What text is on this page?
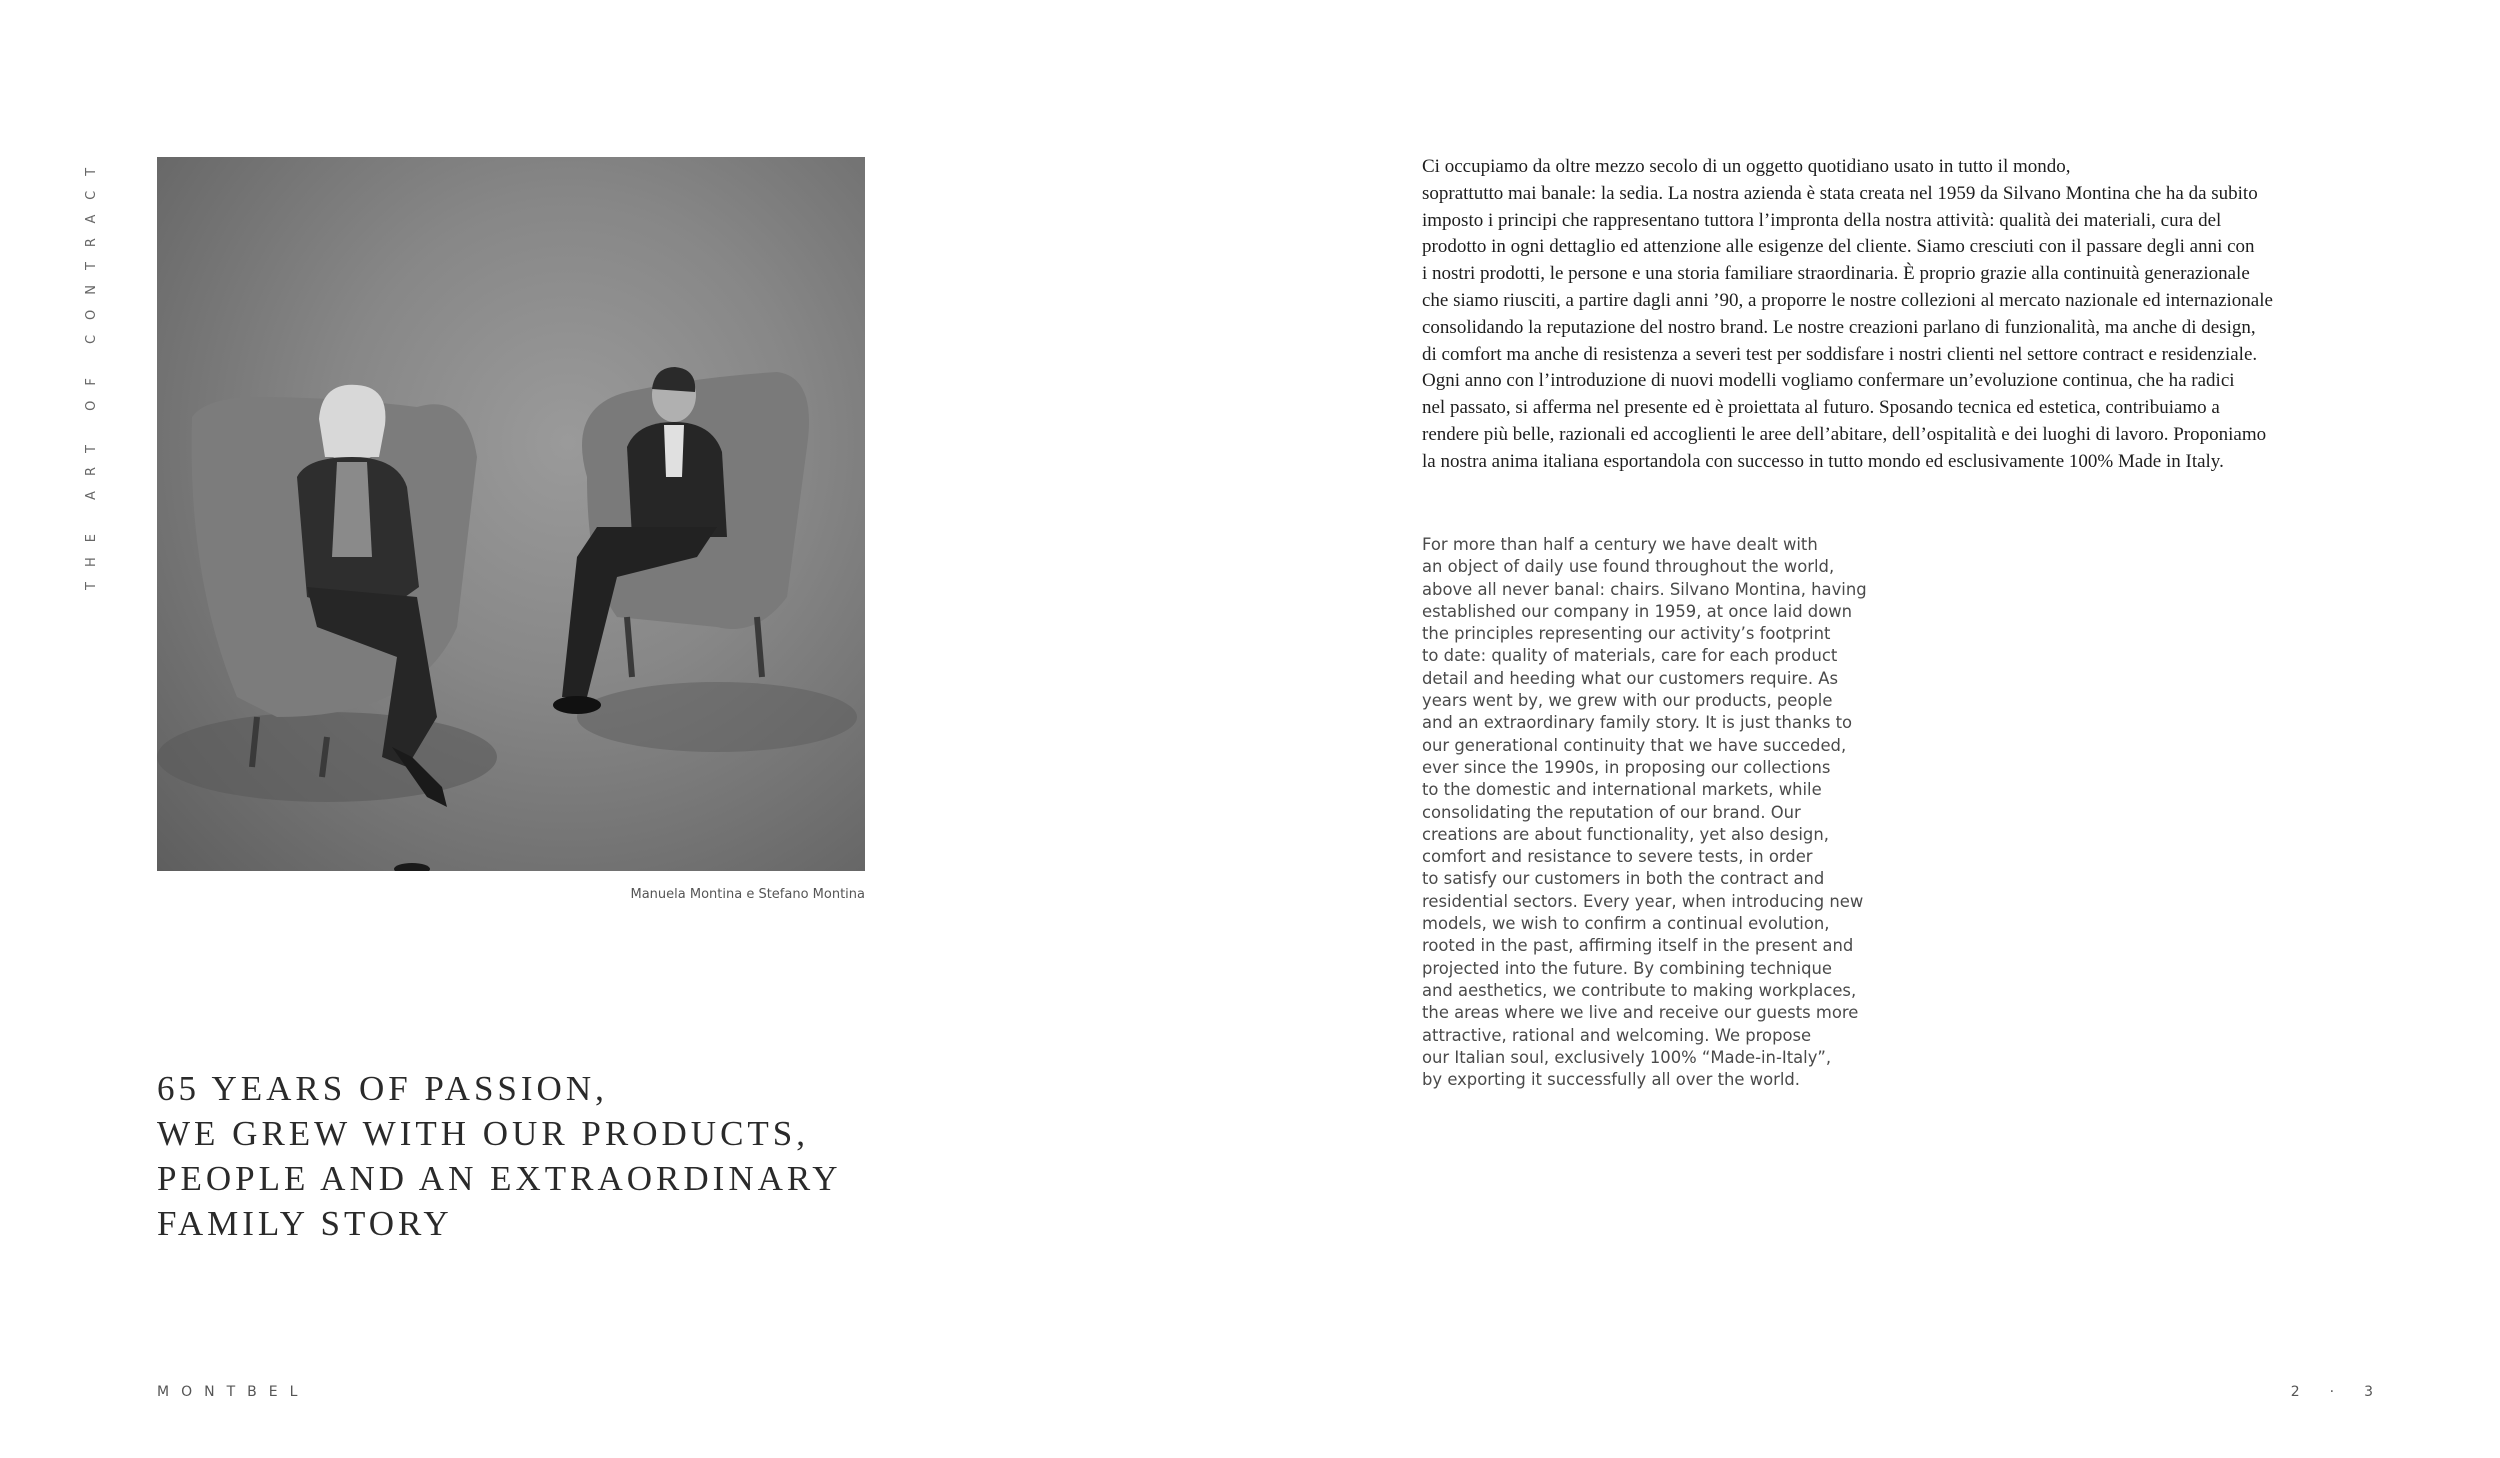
THE ART OF CONTRACT
Manuela Montina e Stefano Montina
65 YEARS OF PASSION,
WE GREW WITH OUR PRODUCTS,
PEOPLE AND AN EXTRAORDINARY
FAMILY STORY
Ci occupiamo da oltre mezzo secolo di un oggetto quotidiano usato in tutto il mondo,
soprattutto mai banale: la sedia. La nostra azienda è stata creata nel 1959 da Silvano Montina che ha da subito
imposto i principi che rappresentano tuttora l’impronta della nostra attività: qualità dei materiali, cura del
prodotto in ogni dettaglio ed attenzione alle esigenze del cliente. Siamo cresciuti con il passare degli anni con
i nostri prodotti, le persone e una storia familiare straordinaria. È proprio grazie alla continuità generazionale
che siamo riusciti, a partire dagli anni ’90, a proporre le nostre collezioni al mercato nazionale ed internazionale
consolidando la reputazione del nostro brand. Le nostre creazioni parlano di funzionalità, ma anche di design,
di comfort ma anche di resistenza a severi test per soddisfare i nostri clienti nel settore contract e residenziale.
Ogni anno con l’introduzione di nuovi modelli vogliamo confermare un’evoluzione continua, che ha radici
nel passato, si afferma nel presente ed è proiettata al futuro. Sposando tecnica ed estetica, contribuiamo a
rendere più belle, razionali ed accoglienti le aree dell’abitare, dell’ospitalità e dei luoghi di lavoro. Proponiamo
la nostra anima italiana esportandola con successo in tutto mondo ed esclusivamente 100% Made in Italy.
For more than half a century we have dealt with
an object of daily use found throughout the world,
above all never banal: chairs. Silvano Montina, having
established our company in 1959, at once laid down
the principles representing our activity’s footprint
to date: quality of materials, care for each product
detail and heeding what our customers require. As
years went by, we grew with our products, people
and an extraordinary family story. It is just thanks to
our generational continuity that we have succeded,
ever since the 1990s, in proposing our collections
to the domestic and international markets, while
consolidating the reputation of our brand. Our
creations are about functionality, yet also design,
comfort and resistance to severe tests, in order
to satisfy our customers in both the contract and
residential sectors. Every year, when introducing new
models, we wish to confirm a continual evolution,
rooted in the past, affirming itself in the present and
projected into the future. By combining technique
and aesthetics, we contribute to making workplaces,
the areas where we live and receive our guests more
attractive, rational and welcoming. We propose
our Italian soul, exclusively 100% “Made-in-Italy”,
by exporting it successfully all over the world.
MONTBEL	2 · 3
